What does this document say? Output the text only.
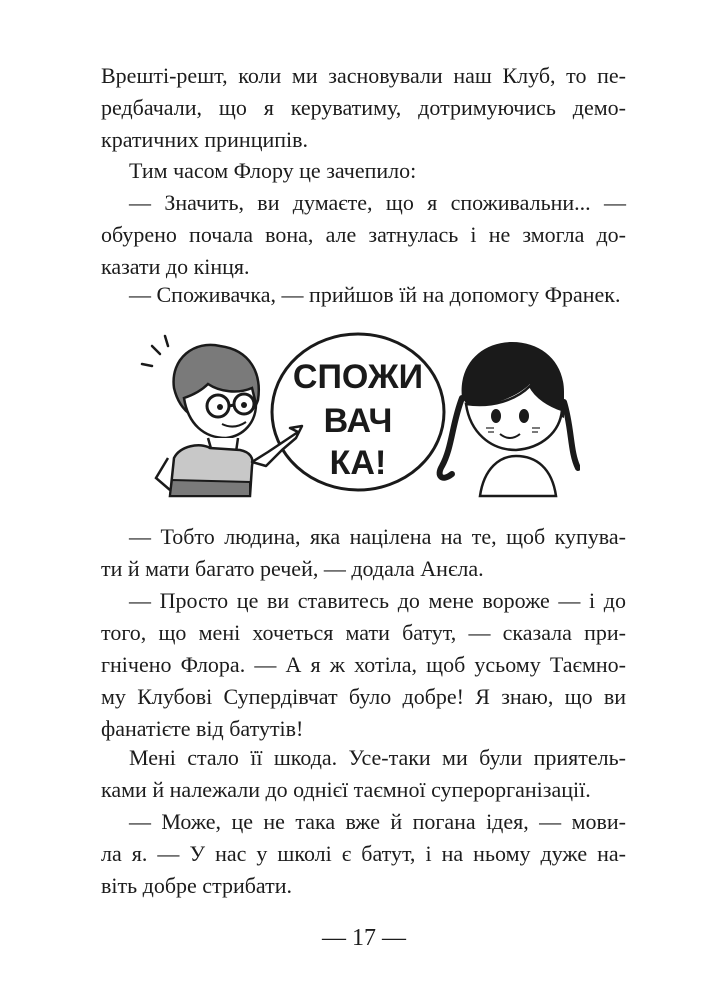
Врешті-решт, коли ми засновували наш Клуб, то пе-
редбачали, що я керуватиму, дотримуючись демо-
кратичних принципів.
Тим часом Флору це зачепило:
— Значить, ви думаєте, що я споживальни... —
обурено почала вона, але затнулась і не змогла до-
казати до кінця.
— Споживачка, — прийшов їй на допомогу Франек.
СПОЖИ
ВАЧ
КА!
— Тобто людина, яка націлена на те, щоб купува-
ти й мати багато речей, — додала Анєла.
— Просто це ви ставитесь до мене вороже — і до
того, що мені хочеться мати батут, — сказала при-
гнічено Флора. — А я ж хотіла, щоб усьому Таємно-
му Клубові Супердівчат було добре! Я знаю, що ви
фанатієте від батутів!
Мені стало її шкода. Усе-таки ми були приятель-
ками й належали до однієї таємної суперорганізації.
— Може, це не така вже й погана ідея, — мови-
ла я. — У нас у школі є батут, і на ньому дуже на-
віть добре стрибати.
— 17 —
